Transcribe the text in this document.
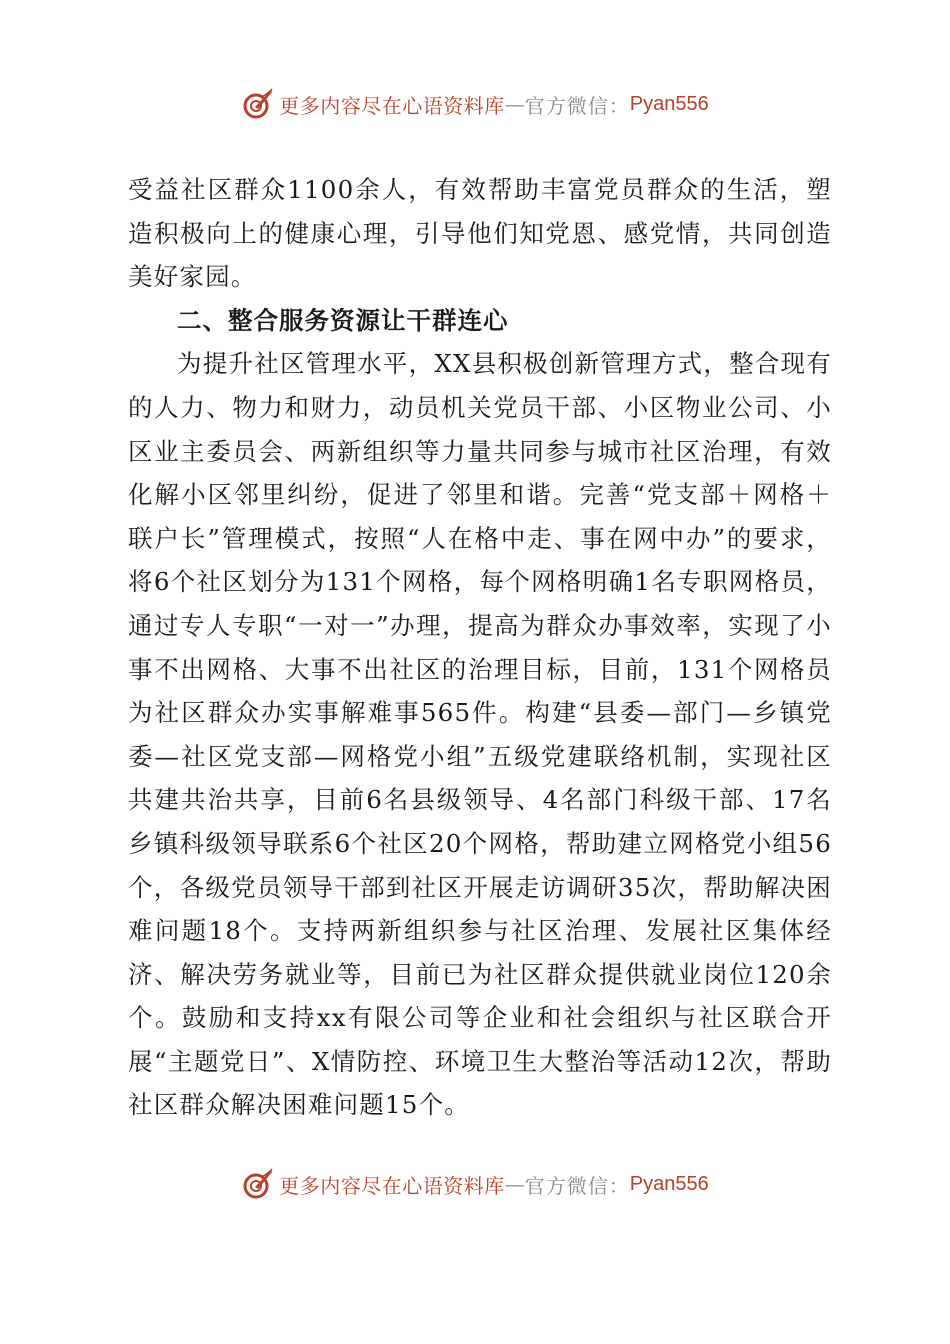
更多内容尽在心语资料库 — 官方微信： Pyan556

受益社区群众1100余人，有效帮助丰富党员群众的生活，塑造积极向上的健康心理，引导他们知党恩、感党情，共同创造美好家园。

二、整合服务资源让干群连心

为提升社区管理水平，XX县积极创新管理方式，整合现有的人力、物力和财力，动员机关党员干部、小区物业公司、小区业主委员会、两新组织等力量共同参与城市社区治理，有效化解小区邻里纠纷，促进了邻里和谐。完善“党支部＋网格＋联户长”管理模式，按照“人在格中走、事在网中办”的要求，将6个社区划分为131个网格，每个网格明确1名专职网格员，通过专人专职“一对一”办理，提高为群众办事效率，实现了小事不出网格、大事不出社区的治理目标，目前，131个网格员为社区群众办实事解难事565件。构建“县委—部门—乡镇党委—社区党支部—网格党小组”五级党建联络机制，实现社区共建共治共享，目前6名县级领导、4名部门科级干部、17名乡镇科级领导联系6个社区20个网格，帮助建立网格党小组56个，各级党员领导干部到社区开展走访调研35次，帮助解决困难问题18个。支持两新组织参与社区治理、发展社区集体经济、解决劳务就业等，目前已为社区群众提供就业岗位120余个。鼓励和支持xx有限公司等企业和社会组织与社区联合开展“主题党日”、X情防控、环境卫生大整治等活动12次，帮助社区群众解决困难问题15个。

更多内容尽在心语资料库 — 官方微信： Pyan556
